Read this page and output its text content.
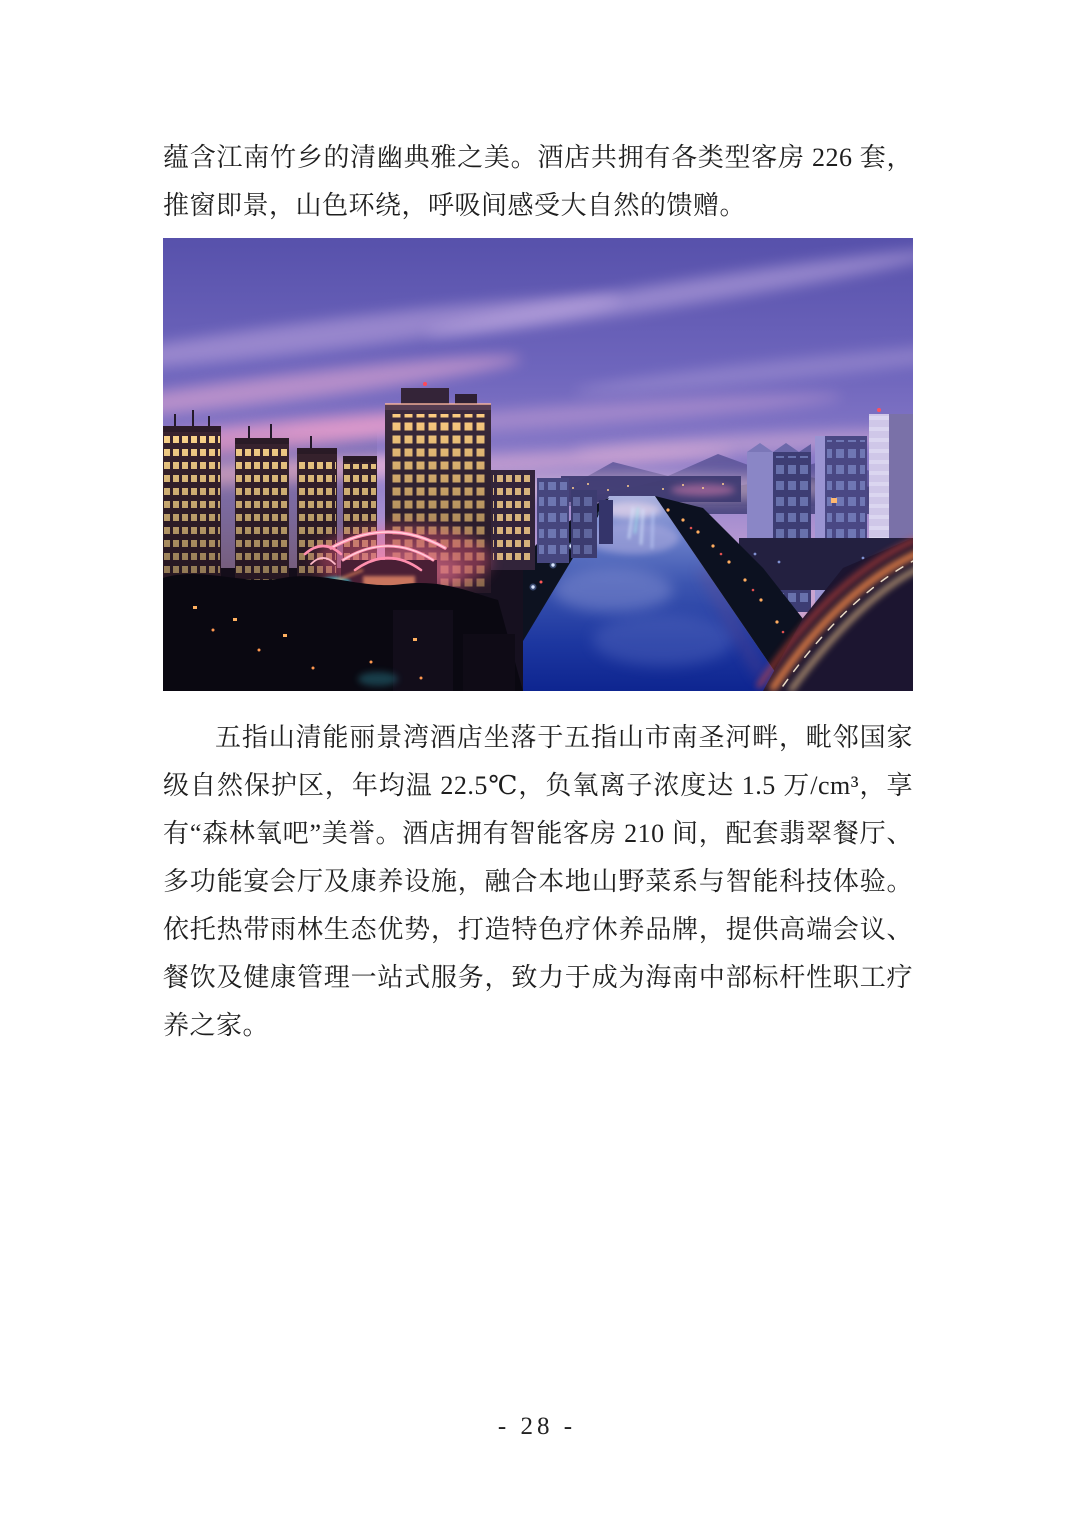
蕴含江南竹乡的清幽典雅之美。酒店共拥有各类型客房 226 套，
推窗即景，山色环绕，呼吸间感受大自然的馈赠。
五指山清能丽景湾酒店坐落于五指山市南圣河畔，毗邻国家
级自然保护区，年均温 22.5℃，负氧离子浓度达 1.5 万/cm³，享
有“森林氧吧”美誉。酒店拥有智能客房 210 间，配套翡翠餐厅、
多功能宴会厅及康养设施，融合本地山野菜系与智能科技体验。
依托热带雨林生态优势，打造特色疗休养品牌，提供高端会议、
餐饮及健康管理一站式服务，致力于成为海南中部标杆性职工疗
养之家。
- 28 -
